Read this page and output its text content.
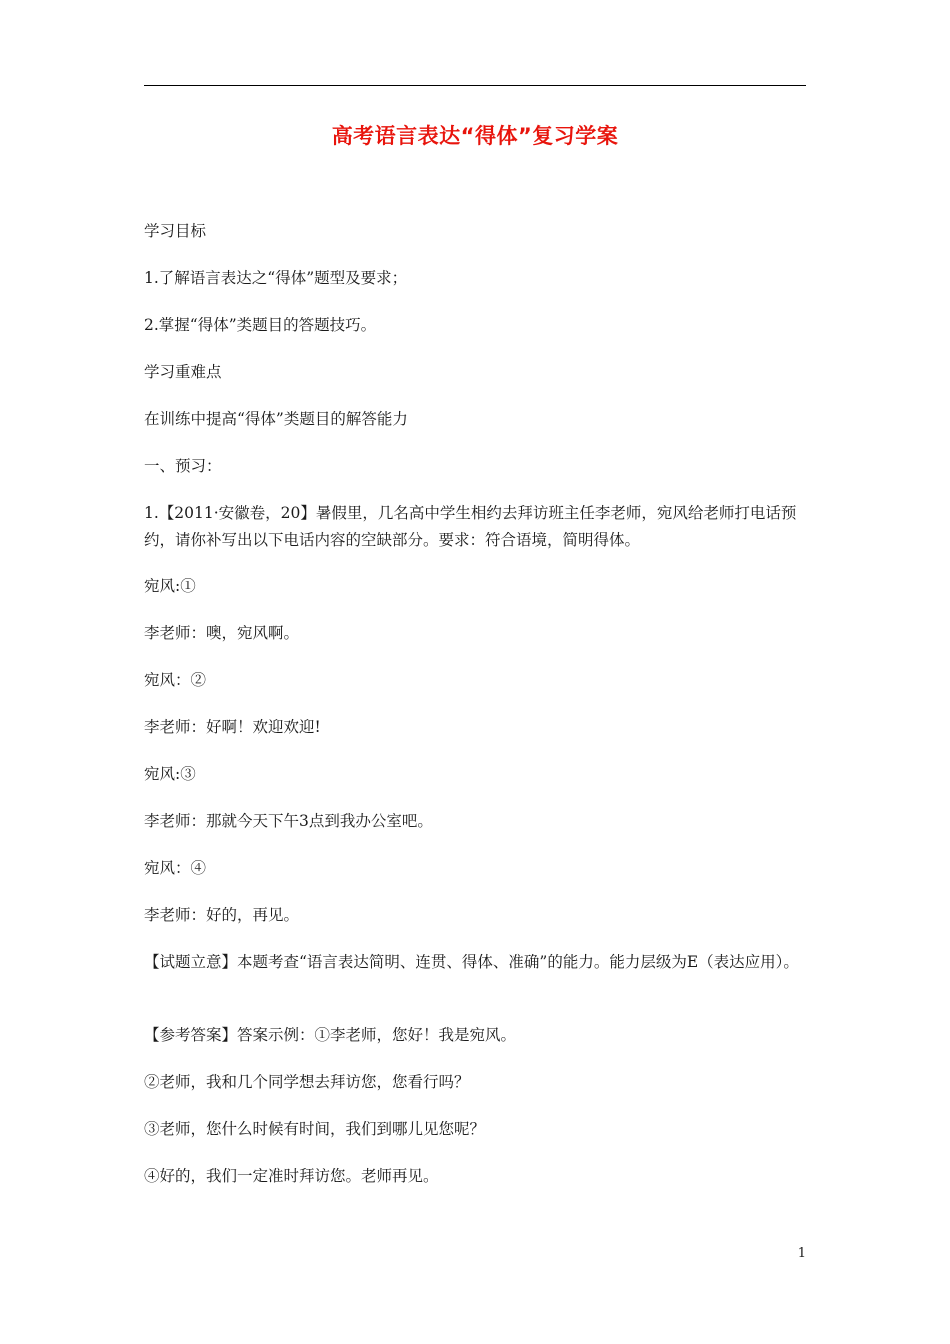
高考语言表达“得体”复习学案

学习目标

1.了解语言表达之“得体”题型及要求；

2.掌握“得体”类题目的答题技巧。

学习重难点

在训练中提高“得体”类题目的解答能力

一、预习：

1.【2011·安徽卷，20】暑假里，几名高中学生相约去拜访班主任李老师，宛风给老师打电话预约，请你补写出以下电话内容的空缺部分。要求：符合语境，简明得体。

宛风:①

李老师：噢，宛风啊。

宛风：②

李老师：好啊！欢迎欢迎!

宛风:③

李老师：那就今天下午3点到我办公室吧。

宛风：④

李老师：好的，再见。

【试题立意】本题考查“语言表达简明、连贯、得体、准确”的能力。能力层级为E（表达应用）。

【参考答案】答案示例：①李老师，您好！我是宛风。

②老师，我和几个同学想去拜访您，您看行吗？

③老师，您什么时候有时间，我们到哪儿见您呢？

④好的，我们一定准时拜访您。老师再见。

1
